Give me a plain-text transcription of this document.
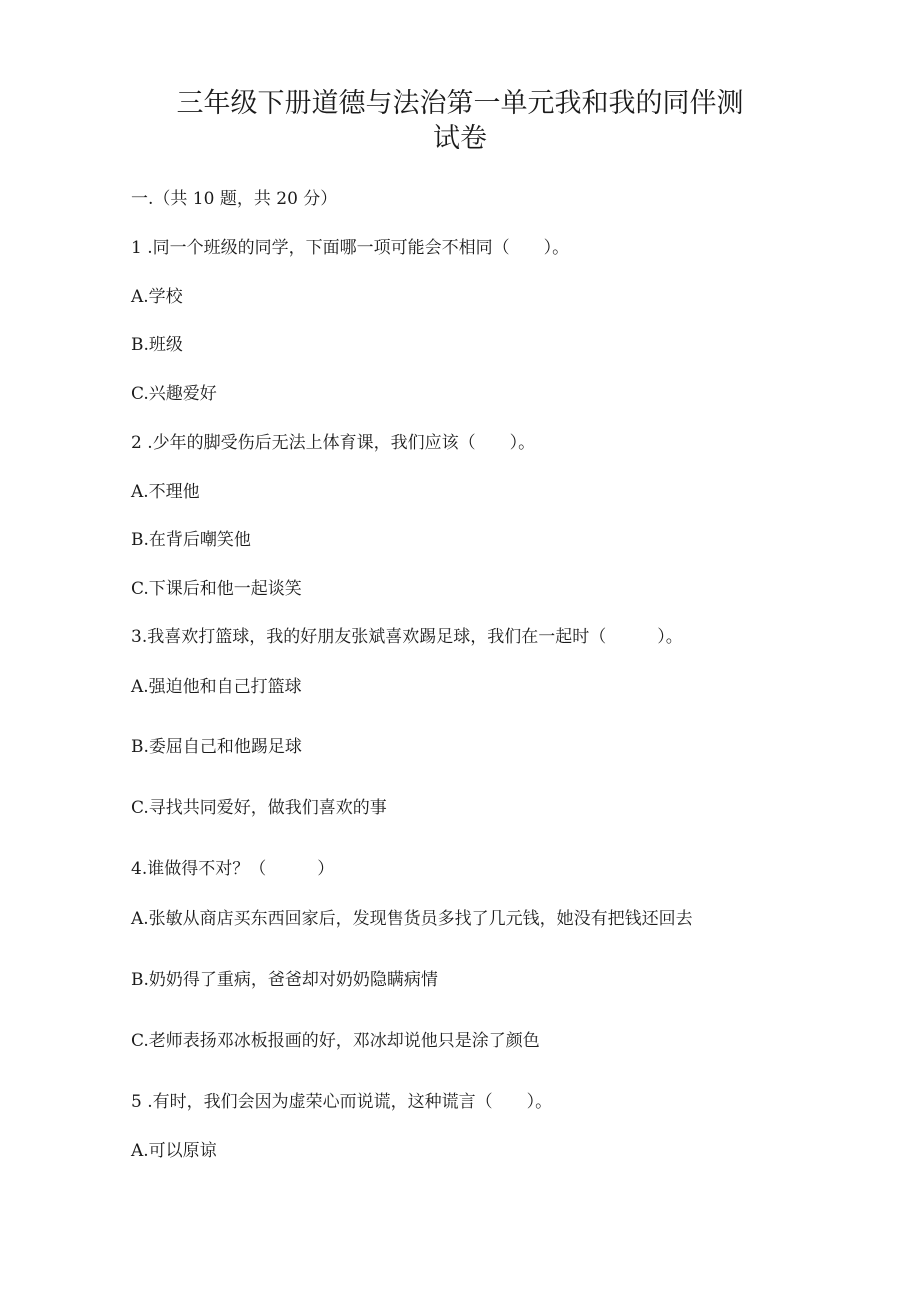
三年级下册道德与法治第一单元我和我的同伴测
试卷

一.（共 10 题，共 20 分）

1 .同一个班级的同学，下面哪一项可能会不相同（　　）。

A.学校

B.班级

C.兴趣爱好

2 .少年的脚受伤后无法上体育课，我们应该（　　）。

A.不理他

B.在背后嘲笑他

C.下课后和他一起谈笑

3.我喜欢打篮球，我的好朋友张斌喜欢踢足球，我们在一起时（　　　）。

A.强迫他和自己打篮球

B.委屈自己和他踢足球

C.寻找共同爱好，做我们喜欢的事

4.谁做得不对？（　　　）

A.张敏从商店买东西回家后，发现售货员多找了几元钱，她没有把钱还回去

B.奶奶得了重病，爸爸却对奶奶隐瞒病情

C.老师表扬邓冰板报画的好，邓冰却说他只是涂了颜色

5 .有时，我们会因为虚荣心而说谎，这种谎言（　　）。

A.可以原谅
